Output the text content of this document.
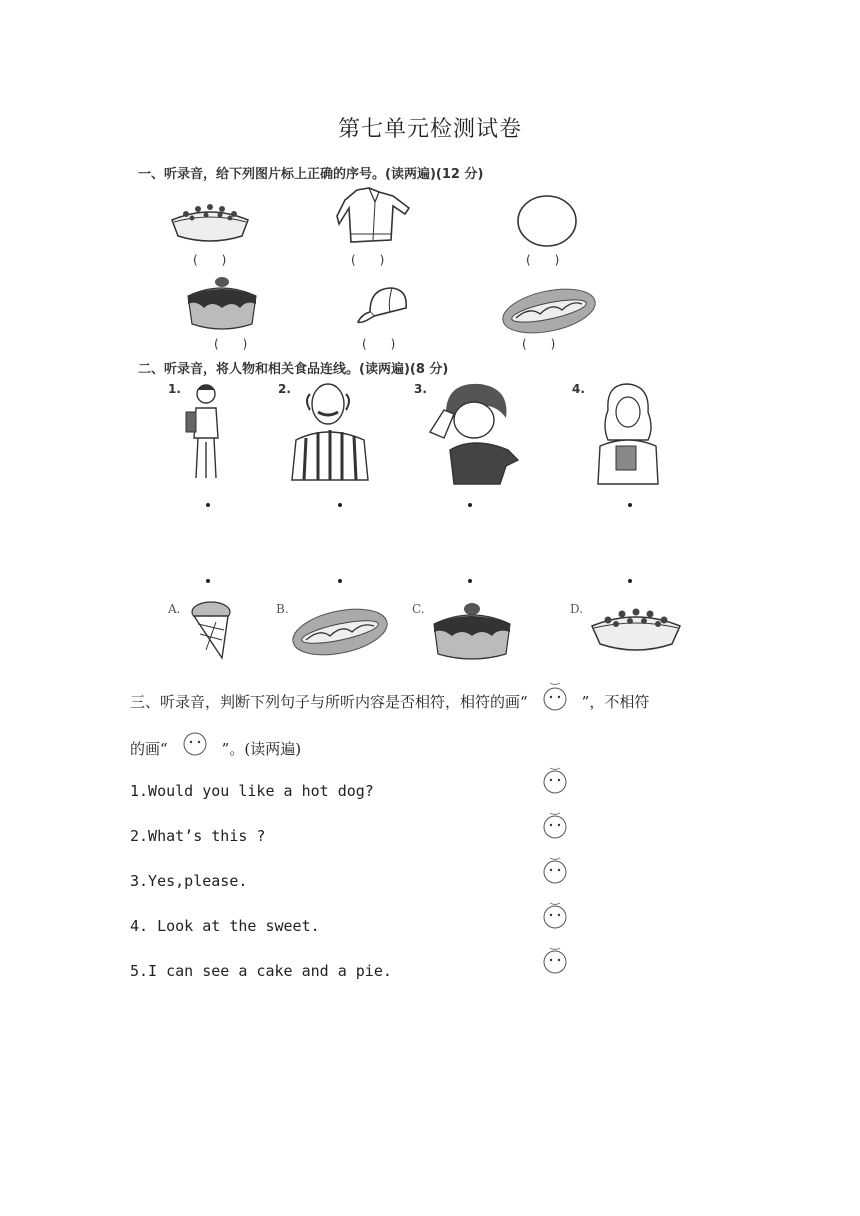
第七单元检测试卷
一、听录音，给下列图片标上正确的序号。(读两遍)(12 分)
(　　)	(　　)	(　　)
(　　)	(　　)	(　　)
二、听录音，将人物和相关食品连线。(读两遍)(8 分)
1.	2.	3.	4.
A.	B.	C.	D.
三、听录音，判断下列句子与所听内容是否相符，相符的画“	”，不相符
的画“	”。(读两遍)
1.Would you like a hot dog?
2.What’s this ?
3.Yes,please.
4. Look at the sweet.
5.I can see a cake and a pie.
